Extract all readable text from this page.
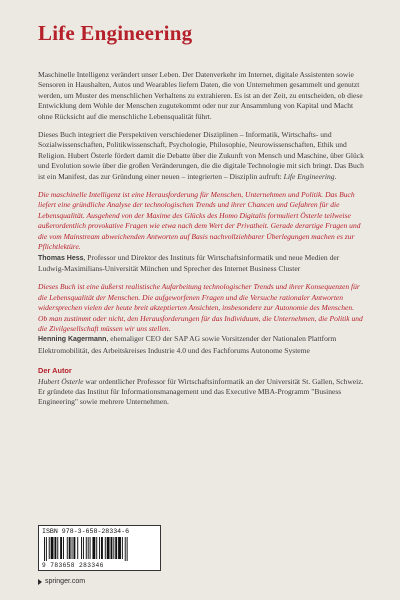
Life Engineering

Maschinelle Intelligenz verändert unser Leben. Der Datenverkehr im Internet, digitale Assistenten sowie Sensoren in Haushalten, Autos und Wearables liefern Daten, die von Unternehmen gesammelt und genutzt werden, um Muster des menschlichen Verhaltens zu extrahieren. Es ist an der Zeit, zu entscheiden, ob diese Entwicklung dem Wohle der Menschen zugutekommt oder nur zur Ansammlung von Kapital und Macht ohne Rücksicht auf die menschliche Lebensqualität führt.

Dieses Buch integriert die Perspektiven verschiedener Disziplinen – Informatik, Wirtschafts- und Sozialwissenschaften, Politikwissenschaft, Psychologie, Philosophie, Neurowissenschaften, Ethik und Religion. Hubert Österle fördert damit die Debatte über die Zukunft von Mensch und Maschine, über Glück und Evolution sowie über die großen Veränderungen, die die digitale Technologie mit sich bringt. Das Buch ist ein Manifest, das zur Gründung einer neuen – integrierten – Disziplin aufruft: Life Engineering.

Die maschinelle Intelligenz ist eine Herausforderung für Menschen, Unternehmen und Politik. Das Buch liefert eine gründliche Analyse der technologischen Trends und ihrer Chancen und Gefahren für die Lebensqualität. Ausgehend von der Maxime des Glücks des Homo Digitalis formuliert Österle teilweise außerordentlich provokative Fragen wie etwa nach dem Wert der Privatheit. Gerade derartige Fragen und die vom Mainstream abweichenden Antworten auf Basis nachvollziehbarer Überlegungen machen es zur Pflichtlektüre.

Thomas Hess, Professor und Direktor des Instituts für Wirtschaftsinformatik und neue Medien der Ludwig-Maximilians-Universität München und Sprecher des Internet Business Cluster

Dieses Buch ist eine äußerst realistische Aufarbeitung technologischer Trends und ihrer Konsequenzen für die Lebensqualität der Menschen. Die aufgeworfenen Fragen und die Versuche rationaler Antworten widersprechen vielen der heute breit akzeptierten Ansichten, insbesondere zur Autonomie des Menschen. Ob man zustimmt oder nicht, den Herausforderungen für das Individuum, die Unternehmen, die Politik und die Zivilgesellschaft müssen wir uns stellen.

Henning Kagermann, ehemaliger CEO der SAP AG sowie Vorsitzender der Nationalen Plattform Elektromobilität, des Arbeitskreises Industrie 4.0 und des Fachforums Autonome Systeme

Der Autor

Hubert Österle war ordentlicher Professor für Wirtschaftsinformatik an der Universität St. Gallen, Schweiz. Er gründete das Institut für Informationsmanagement und das Executive MBA-Programm "Business Engineering" sowie mehrere Unternehmen.

ISBN 978-3-658-28334-6
9 783658 283346
springer.com
